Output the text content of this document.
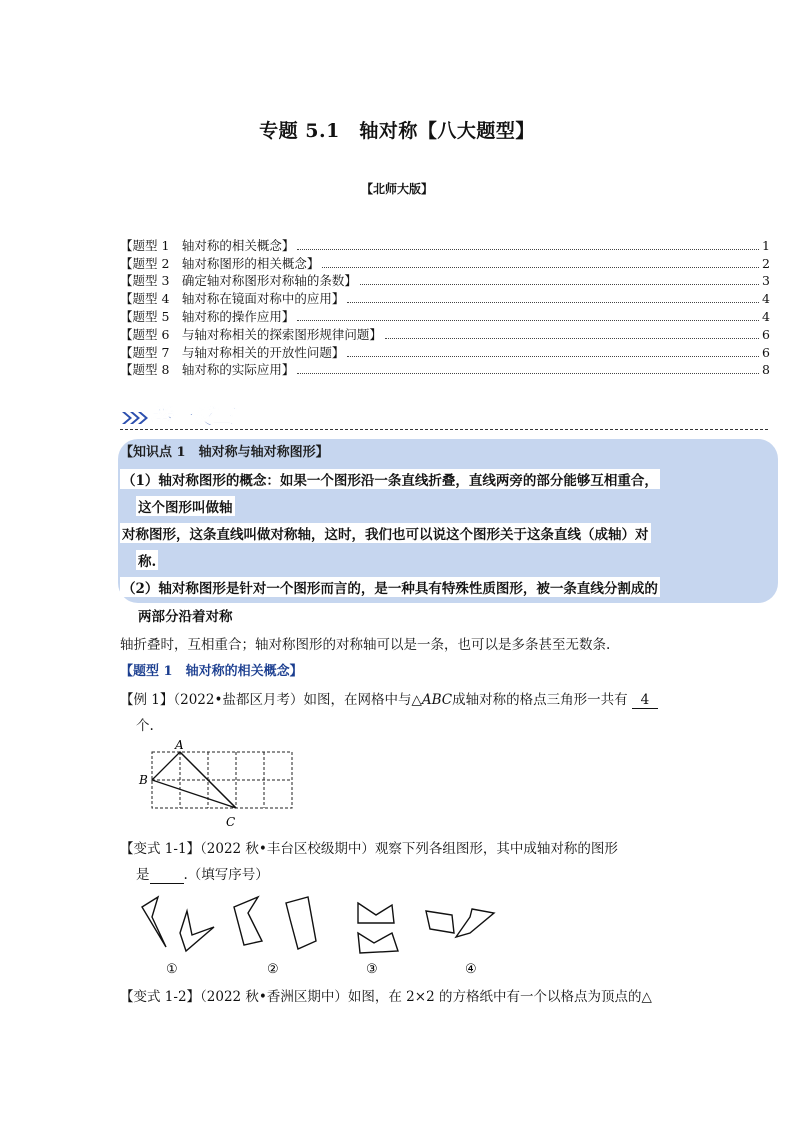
专题 5.1　轴对称【八大题型】
【北师大版】
【题型 1　轴对称的相关概念】	1
【题型 2　轴对称图形的相关概念】	2
【题型 3　确定轴对称图形对称轴的条数】	3
【题型 4　轴对称在镜面对称中的应用】	4
【题型 5　轴对称的操作应用】	4
【题型 6　与轴对称相关的探索图形规律问题】	6
【题型 7　与轴对称相关的开放性问题】	6
【题型 8　轴对称的实际应用】	8
举一反三
【知识点 1　轴对称与轴对称图形】
（1）轴对称图形的概念：如果一个图形沿一条直线折叠，直线两旁的部分能够互相重合，
这个图形叫做轴
对称图形，这条直线叫做对称轴，这时，我们也可以说这个图形关于这条直线（成轴）对
称.
（2）轴对称图形是针对一个图形而言的，是一种具有特殊性质图形，被一条直线分割成的
两部分沿着对称
轴折叠时，互相重合；轴对称图形的对称轴可以是一条，也可以是多条甚至无数条.
【题型 1　轴对称的相关概念】
【例 1】（2022•盐都区月考）如图，在网格中与△ABC成轴对称的格点三角形一共有 4
个.
A
B
C
【变式 1-1】（2022 秋•丰台区校级期中）观察下列各组图形，其中成轴对称的图形
是	.（填写序号）
①	②	③	④
【变式 1-2】（2022 秋•香洲区期中）如图，在 2×2 的方格纸中有一个以格点为顶点的△
